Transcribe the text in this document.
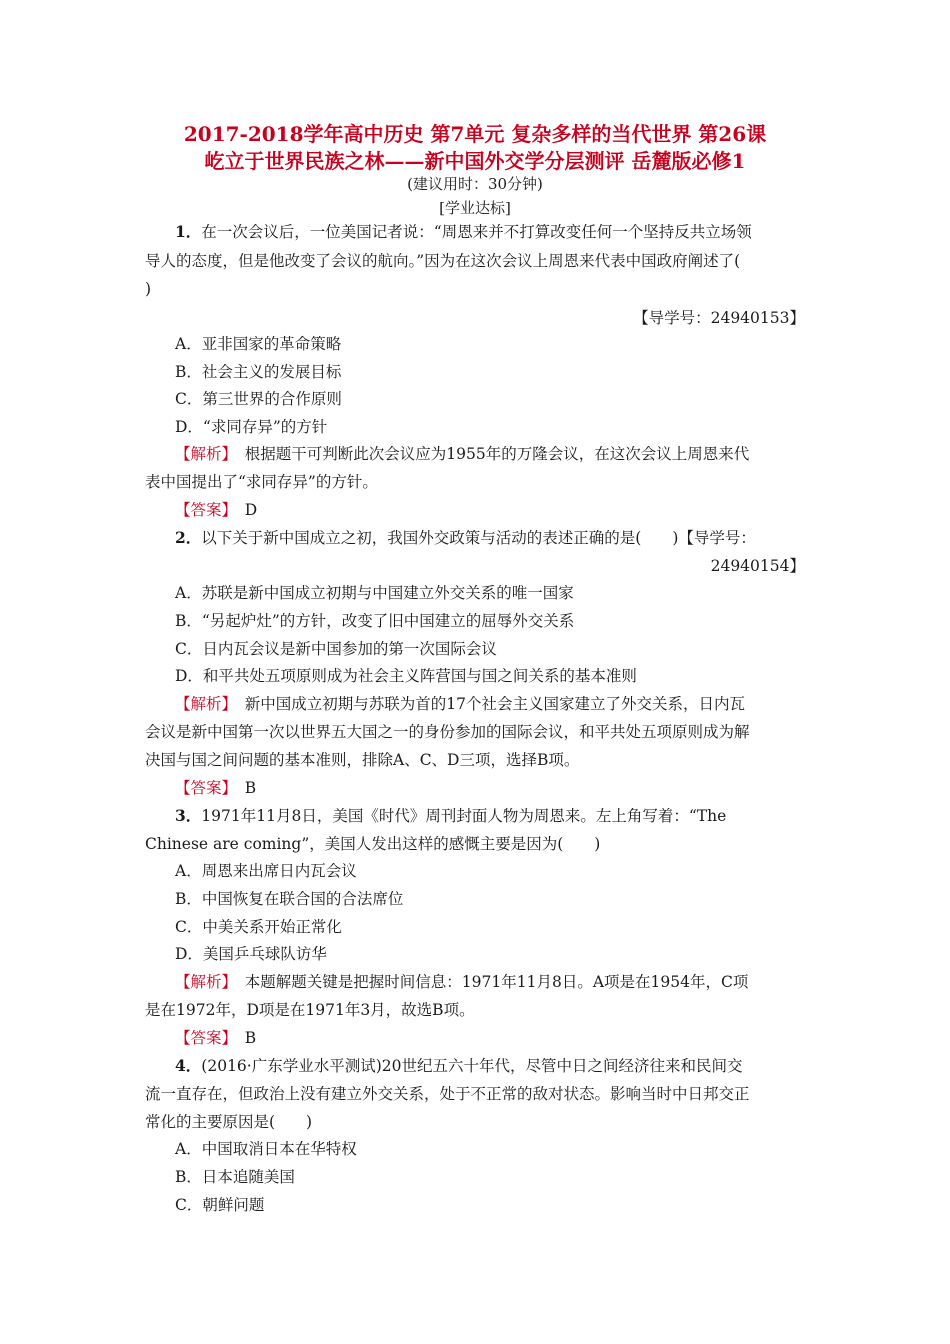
2017-2018学年高中历史 第7单元 复杂多样的当代世界 第26课
屹立于世界民族之林——新中国外交学分层测评 岳麓版必修1
(建议用时：30分钟)
[学业达标]
1．在一次会议后，一位美国记者说：“周恩来并不打算改变任何一个坚持反共立场领
导人的态度，但是他改变了会议的航向。”因为在这次会议上周恩来代表中国政府阐述了(
)
【导学号：24940153】
A．亚非国家的革命策略
B．社会主义的发展目标
C．第三世界的合作原则
D．“求同存异”的方针
【解析】　 根据题干可判断此次会议应为1955年的万隆会议，在这次会议上周恩来代
表中国提出了“求同存异”的方针。
【答案】　 D
2．以下关于新中国成立之初，我国外交政策与活动的表述正确的是(　　)【导学号：
24940154】
A．苏联是新中国成立初期与中国建立外交关系的唯一国家
B．“另起炉灶”的方针，改变了旧中国建立的屈辱外交关系
C．日内瓦会议是新中国参加的第一次国际会议
D．和平共处五项原则成为社会主义阵营国与国之间关系的基本准则
【解析】　 新中国成立初期与苏联为首的17个社会主义国家建立了外交关系，日内瓦
会议是新中国第一次以世界五大国之一的身份参加的国际会议，和平共处五项原则成为解
决国与国之间问题的基本准则，排除A、C、D三项，选择B项。
【答案】　 B
3．1971年11月8日，美国《时代》周刊封面人物为周恩来。左上角写着：“The
Chinese are coming”，美国人发出这样的感慨主要是因为(　　)
A．周恩来出席日内瓦会议
B．中国恢复在联合国的合法席位
C．中美关系开始正常化
D．美国乒乓球队访华
【解析】　 本题解题关键是把握时间信息：1971年11月8日。A项是在1954年，C项
是在1972年，D项是在1971年3月，故选B项。
【答案】　 B
4．(2016·广东学业水平测试)20世纪五六十年代，尽管中日之间经济往来和民间交
流一直存在，但政治上没有建立外交关系，处于不正常的敌对状态。影响当时中日邦交正
常化的主要原因是(　　)
A．中国取消日本在华特权
B．日本追随美国
C．朝鲜问题
